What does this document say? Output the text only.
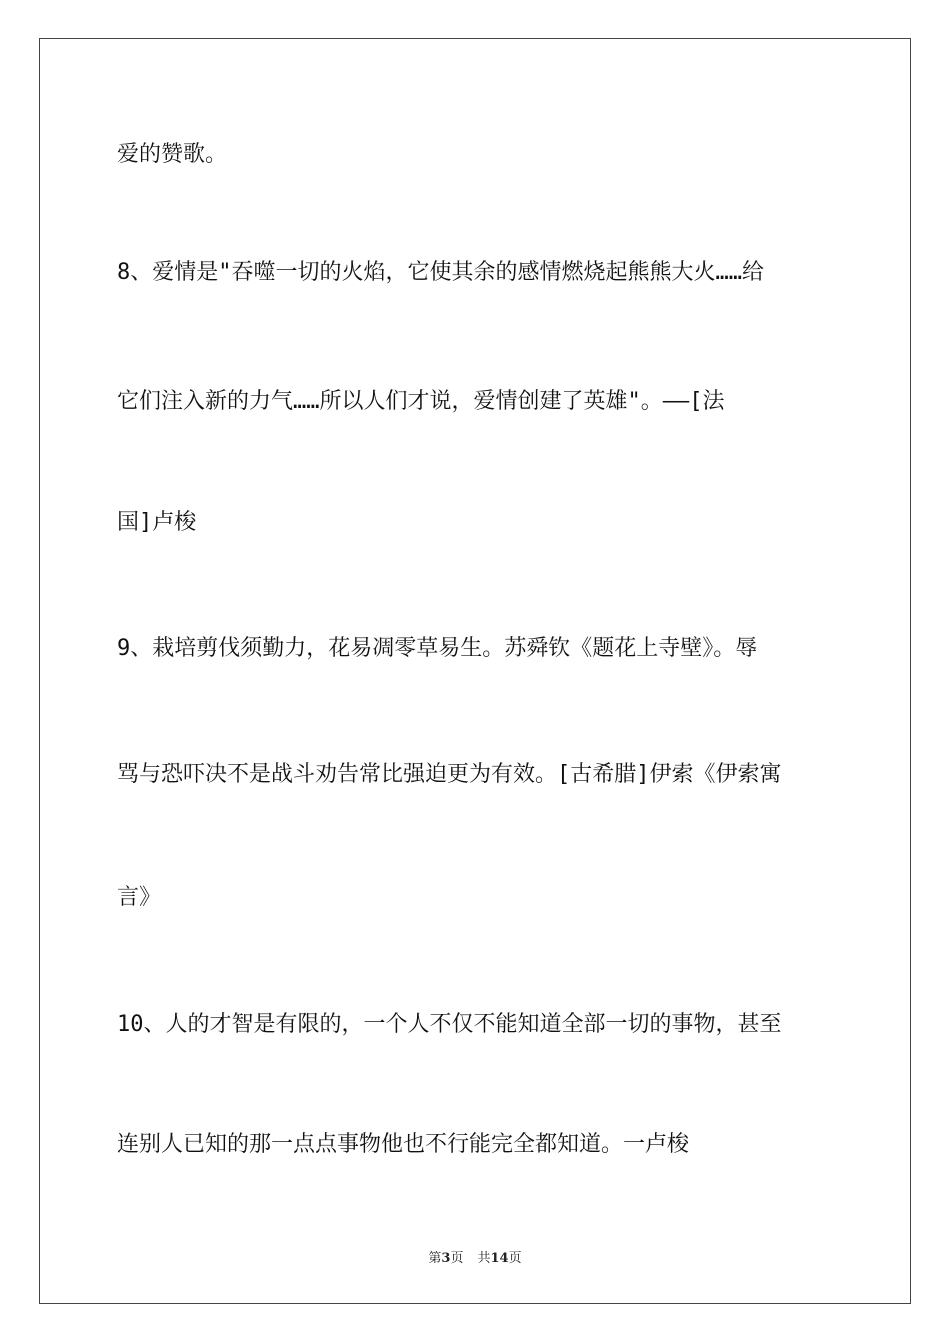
爱的赞歌。
8、爱情是"吞噬一切的火焰，它使其余的感情燃烧起熊熊大火……给
它们注入新的力气……所以人们才说，爱情创建了英雄"。——[法
国]卢梭
9、栽培剪伐须勤力，花易凋零草易生。苏舜钦《题花上寺壁》。辱
骂与恐吓决不是战斗劝告常比强迫更为有效。[古希腊]伊索《伊索寓
言》
10、人的才智是有限的，一个人不仅不能知道全部一切的事物，甚至
连别人已知的那一点点事物他也不行能完全都知道。一卢梭
第3页 共14页
